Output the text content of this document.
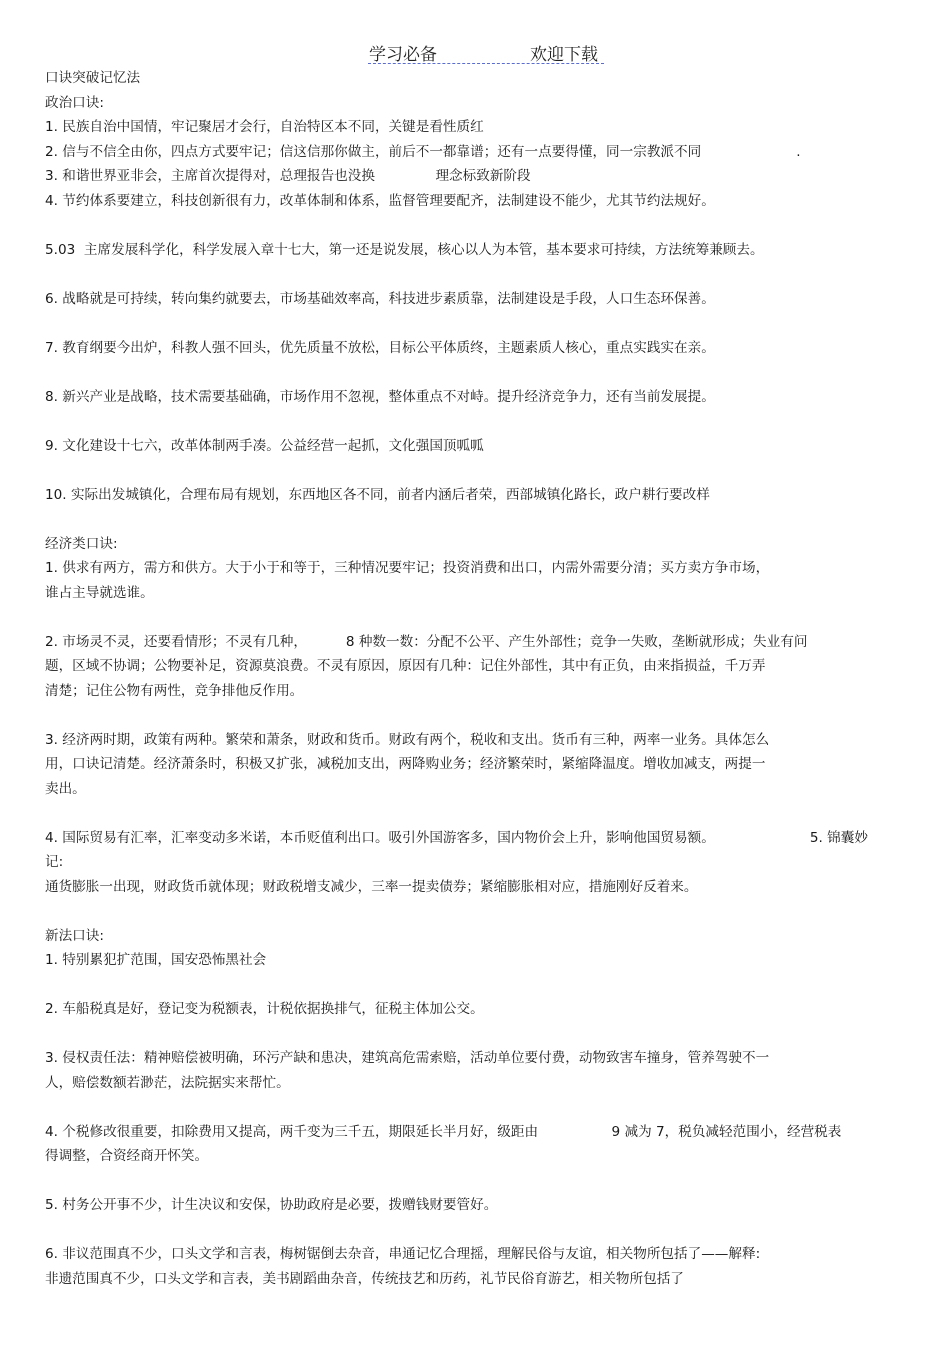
学习必备	欢迎下载
口诀突破记忆法
政治口诀:
1. 民族自治中国情，牢记聚居才会行，自治特区本不同，关键是看性质红
2. 信与不信全由你，四点方式要牢记；信这信那你做主，前后不一都靠谱；还有一点要得懂，同一宗教派不同                      .
3. 和谐世界亚非会，主席首次提得对，总理报告也没换              理念标致新阶段
4. 节约体系要建立，科技创新很有力，改革体制和体系，监督管理要配齐，法制建设不能少，尤其节约法规好。
5.03  主席发展科学化，科学发展入章十七大，第一还是说发展，核心以人为本管，基本要求可持续，方法统筹兼顾去。
6. 战略就是可持续，转向集约就要去，市场基础效率高，科技进步素质靠，法制建设是手段，人口生态环保善。
7. 教育纲要今出炉，科教人强不回头，优先质量不放松，目标公平体质终，主题素质人核心，重点实践实在亲。
8. 新兴产业是战略，技术需要基础确，市场作用不忽视，整体重点不对峙。提升经济竞争力，还有当前发展提。
9. 文化建设十七六，改革体制两手凑。公益经营一起抓，文化强国顶呱呱
10. 实际出发城镇化，合理布局有规划，东西地区各不同，前者内涵后者荣，西部城镇化路长，政户耕行要改样
经济类口诀:
1. 供求有两方，需方和供方。大于小于和等于，三种情况要牢记；投资消费和出口，内需外需要分清；买方卖方争市场，
谁占主导就选谁。
2. 市场灵不灵，还要看情形；不灵有几种，         8 种数一数：分配不公平、产生外部性；竞争一失败，垄断就形成；失业有问
题，区域不协调；公物要补足，资源莫浪费。不灵有原因，原因有几种：记住外部性，其中有正负，由来指损益，千万弄
清楚；记住公物有两性，竞争排他反作用。
3. 经济两时期，政策有两种。繁荣和萧条，财政和货币。财政有两个，税收和支出。货币有三种，两率一业务。具体怎么
用，口诀记清楚。经济萧条时，积极又扩张，减税加支出，两降购业务；经济繁荣时，紧缩降温度。增收加减支，两提一
卖出。
4. 国际贸易有汇率，汇率变动多米诺，本币贬值利出口。吸引外国游客多，国内物价会上升，影响他国贸易额。                      5. 锦囊妙
记:
通货膨胀一出现，财政货币就体现；财政税增支减少，三率一提卖债券；紧缩膨胀相对应，措施刚好反着来。
新法口诀:
1. 特别累犯扩范围，国安恐怖黑社会
2. 车船税真是好，登记变为税额表，计税依据换排气，征税主体加公交。
3. 侵权责任法：精神赔偿被明确，环污产缺和患决，建筑高危需索赔，活动单位要付费，动物致害车撞身，管养驾驶不一
人，赔偿数额若渺茫，法院据实来帮忙。
4. 个税修改很重要，扣除费用又提高，两千变为三千五，期限延长半月好，级距由                 9 减为 7，税负减轻范围小，经营税表
得调整，合资经商开怀笑。
5. 村务公开事不少，计生决议和安保，协助政府是必要，拨赠钱财要管好。
6. 非议范围真不少，口头文学和言表，梅树锯倒去杂音，串通记忆合理摇，理解民俗与友谊，相关物所包括了——解释:
非遗范围真不少，口头文学和言表，美书剧蹈曲杂音，传统技艺和历药，礼节民俗育游艺，相关物所包括了
